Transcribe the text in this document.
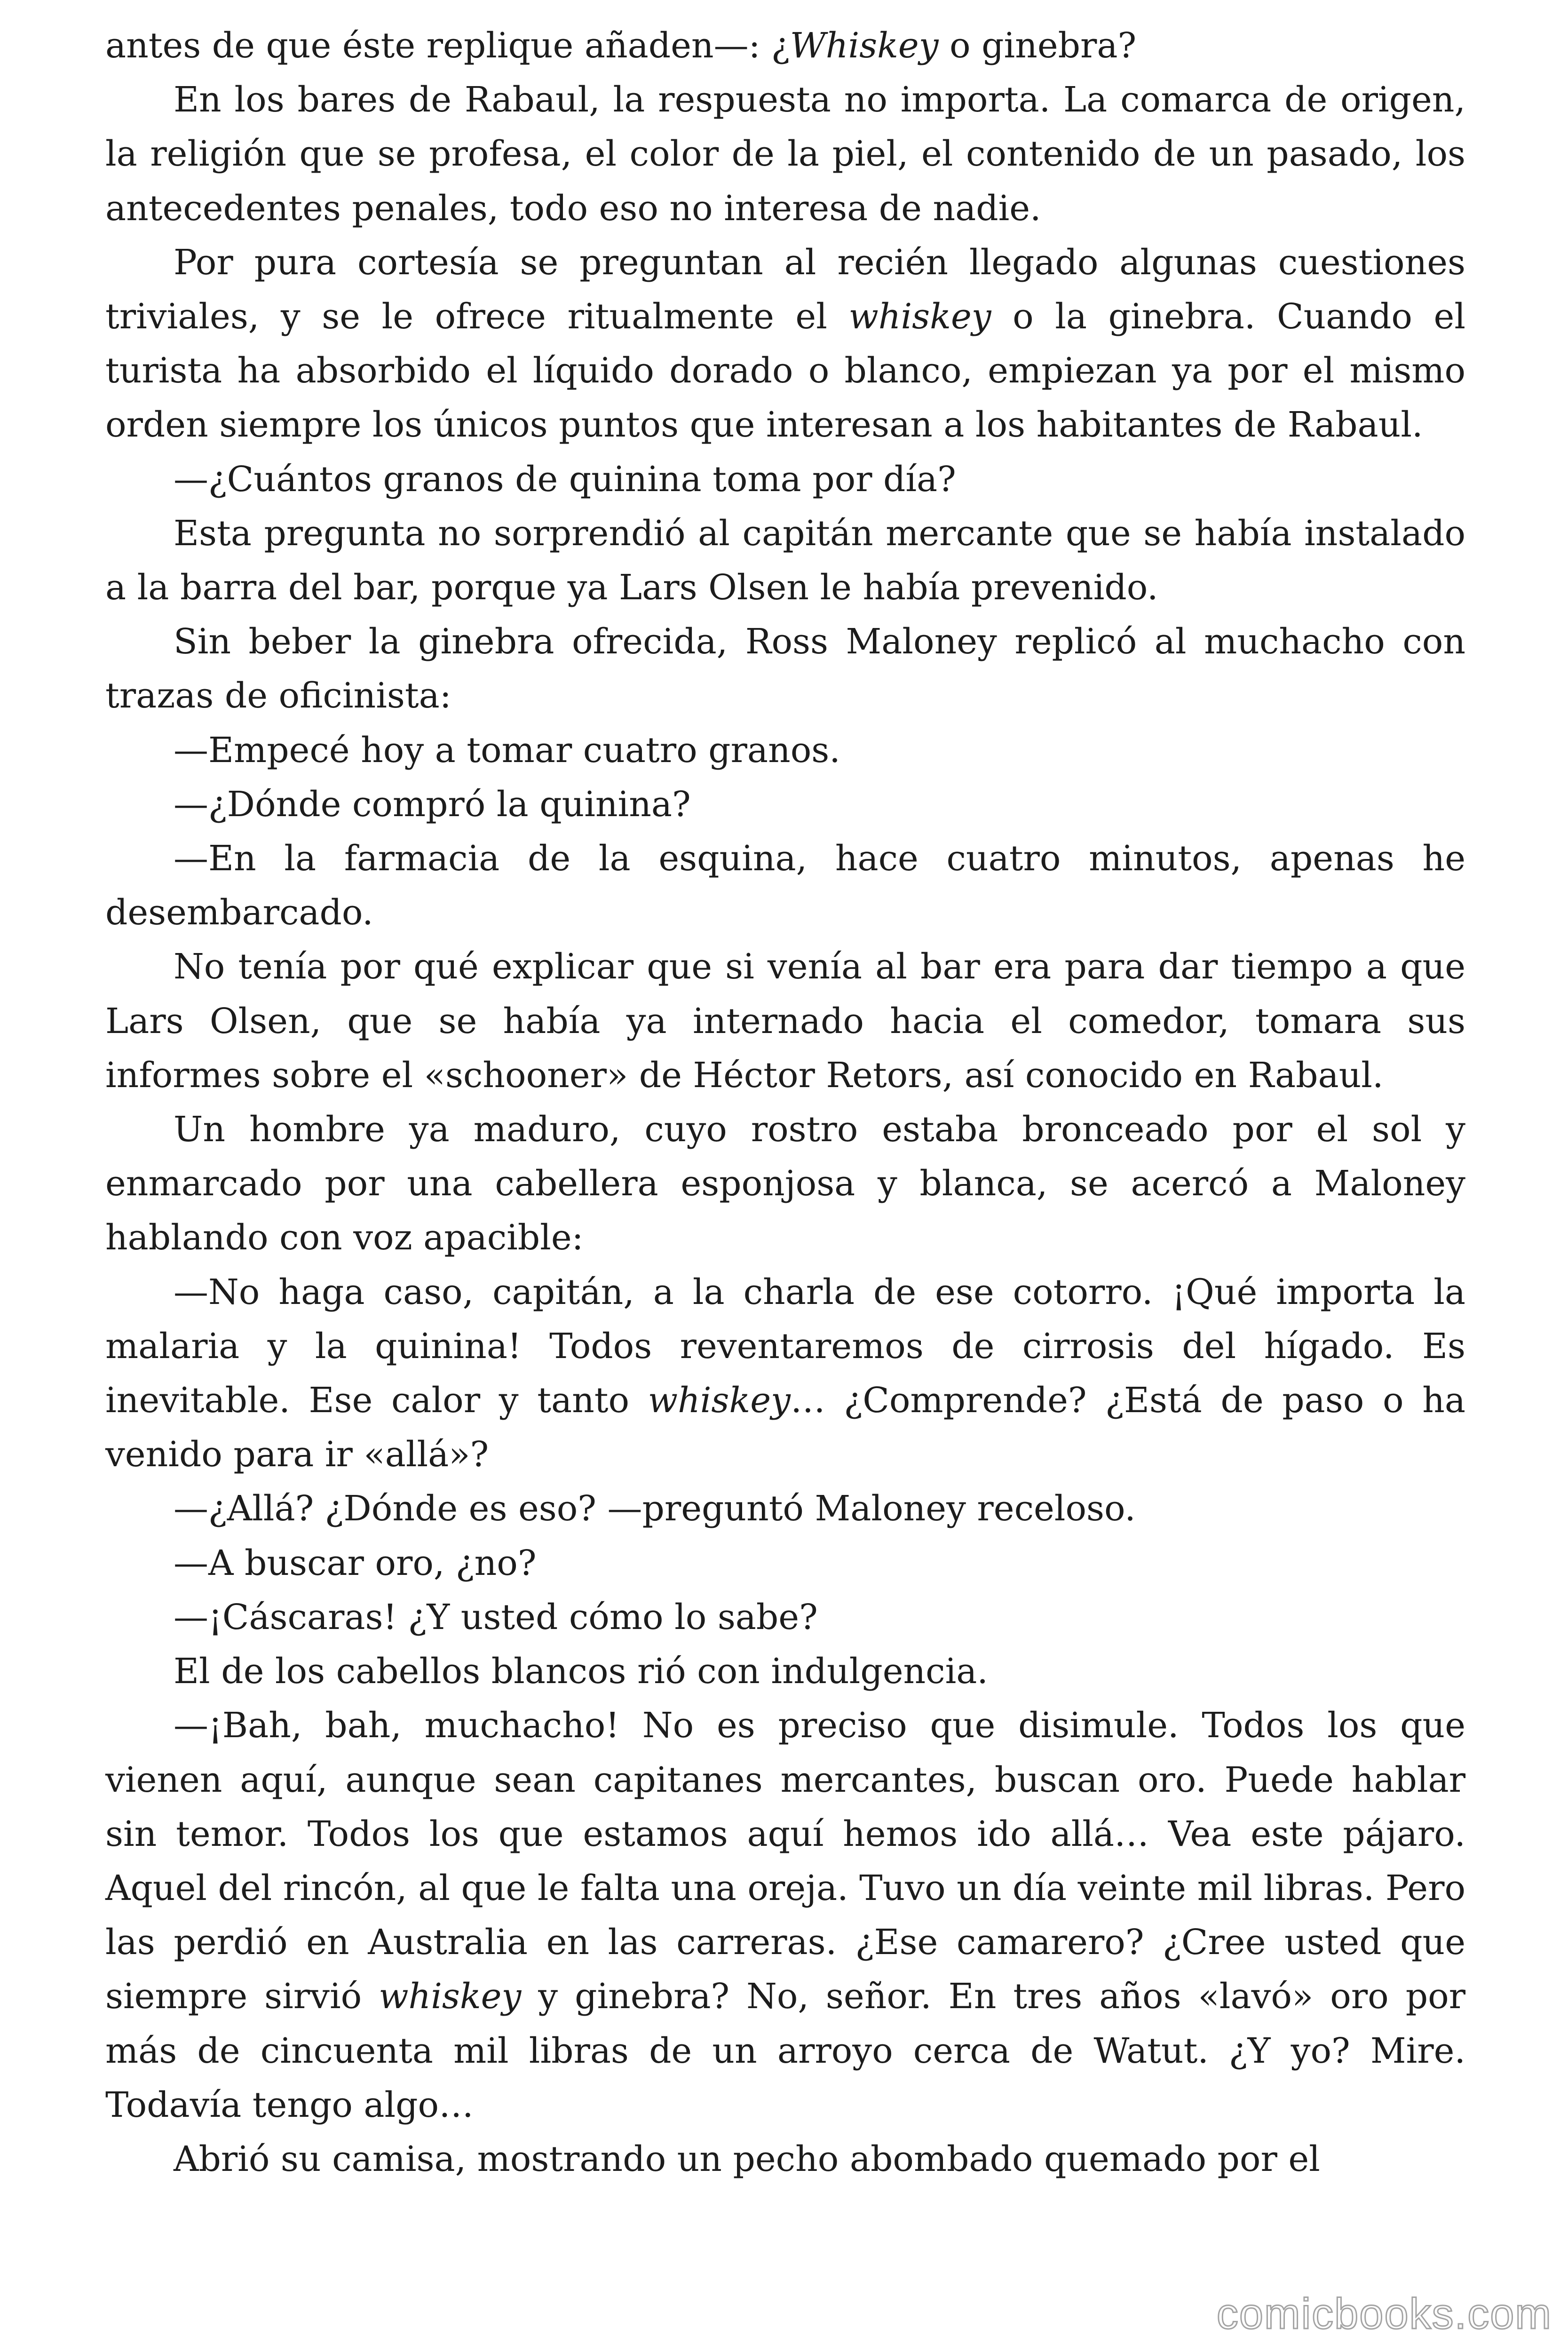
antes de que éste replique añaden—: ¿Whiskey o ginebra?

En los bares de Rabaul, la respuesta no importa. La comarca de origen, la religión que se profesa, el color de la piel, el contenido de un pasado, los antecedentes penales, todo eso no interesa de nadie.

Por pura cortesía se preguntan al recién llegado algunas cuestiones triviales, y se le ofrece ritualmente el whiskey o la ginebra. Cuando el turista ha absorbido el líquido dorado o blanco, empiezan ya por el mismo orden siempre los únicos puntos que interesan a los habitantes de Rabaul.

—¿Cuántos granos de quinina toma por día?

Esta pregunta no sorprendió al capitán mercante que se había instalado a la barra del bar, porque ya Lars Olsen le había prevenido.

Sin beber la ginebra ofrecida, Ross Maloney replicó al muchacho con trazas de oficinista:

—Empecé hoy a tomar cuatro granos.

—¿Dónde compró la quinina?

—En la farmacia de la esquina, hace cuatro minutos, apenas he desembarcado.

No tenía por qué explicar que si venía al bar era para dar tiempo a que Lars Olsen, que se había ya internado hacia el comedor, tomara sus informes sobre el «schooner» de Héctor Retors, así conocido en Rabaul.

Un hombre ya maduro, cuyo rostro estaba bronceado por el sol y enmarcado por una cabellera esponjosa y blanca, se acercó a Maloney hablando con voz apacible:

—No haga caso, capitán, a la charla de ese cotorro. ¡Qué importa la malaria y la quinina! Todos reventaremos de cirrosis del hígado. Es inevitable. Ese calor y tanto whiskey… ¿Comprende? ¿Está de paso o ha venido para ir «allá»?

—¿Allá? ¿Dónde es eso? —preguntó Maloney receloso.

—A buscar oro, ¿no?

—¡Cáscaras! ¿Y usted cómo lo sabe?

El de los cabellos blancos rió con indulgencia.

—¡Bah, bah, muchacho! No es preciso que disimule. Todos los que vienen aquí, aunque sean capitanes mercantes, buscan oro. Puede hablar sin temor. Todos los que estamos aquí hemos ido allá… Vea este pájaro. Aquel del rincón, al que le falta una oreja. Tuvo un día veinte mil libras. Pero las perdió en Australia en las carreras. ¿Ese camarero? ¿Cree usted que siempre sirvió whiskey y ginebra? No, señor. En tres años «lavó» oro por más de cincuenta mil libras de un arroyo cerca de Watut. ¿Y yo? Mire. Todavía tengo algo…

Abrió su camisa, mostrando un pecho abombado quemado por el

comicbooks.com
